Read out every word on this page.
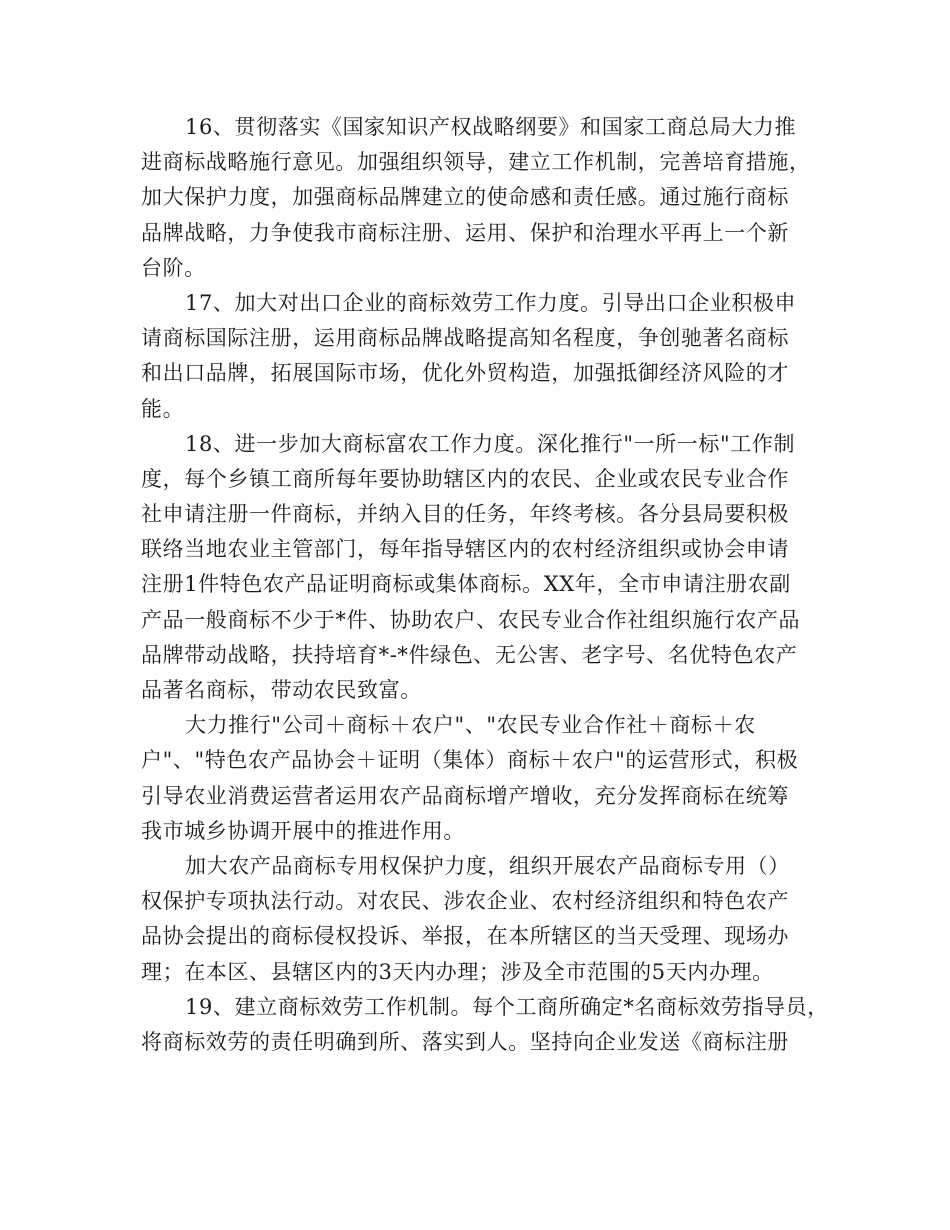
16、贯彻落实《国家知识产权战略纲要》和国家工商总局大力推
进商标战略施行意见。加强组织领导，建立工作机制，完善培育措施，
加大保护力度，加强商标品牌建立的使命感和责任感。通过施行商标
品牌战略，力争使我市商标注册、运用、保护和治理水平再上一个新
台阶。
17、加大对出口企业的商标效劳工作力度。引导出口企业积极申
请商标国际注册，运用商标品牌战略提高知名程度，争创驰著名商标
和出口品牌，拓展国际市场，优化外贸构造，加强抵御经济风险的才
能。
18、进一步加大商标富农工作力度。深化推行"一所一标"工作制
度，每个乡镇工商所每年要协助辖区内的农民、企业或农民专业合作
社申请注册一件商标，并纳入目的任务，年终考核。各分县局要积极
联络当地农业主管部门，每年指导辖区内的农村经济组织或协会申请
注册1件特色农产品证明商标或集体商标。XX年，全市申请注册农副
产品一般商标不少于*件、协助农户、农民专业合作社组织施行农产品
品牌带动战略，扶持培育*-*件绿色、无公害、老字号、名优特色农产
品著名商标，带动农民致富。
大力推行"公司＋商标＋农户"、"农民专业合作社＋商标＋农
户"、"特色农产品协会＋证明（集体）商标＋农户"的运营形式，积极
引导农业消费运营者运用农产品商标增产增收，充分发挥商标在统筹
我市城乡协调开展中的推进作用。
加大农产品商标专用权保护力度，组织开展农产品商标专用（）
权保护专项执法行动。对农民、涉农企业、农村经济组织和特色农产
品协会提出的商标侵权投诉、举报，在本所辖区的当天受理、现场办
理；在本区、县辖区内的3天内办理；涉及全市范围的5天内办理。
19、建立商标效劳工作机制。每个工商所确定*名商标效劳指导员，
将商标效劳的责任明确到所、落实到人。坚持向企业发送《商标注册
